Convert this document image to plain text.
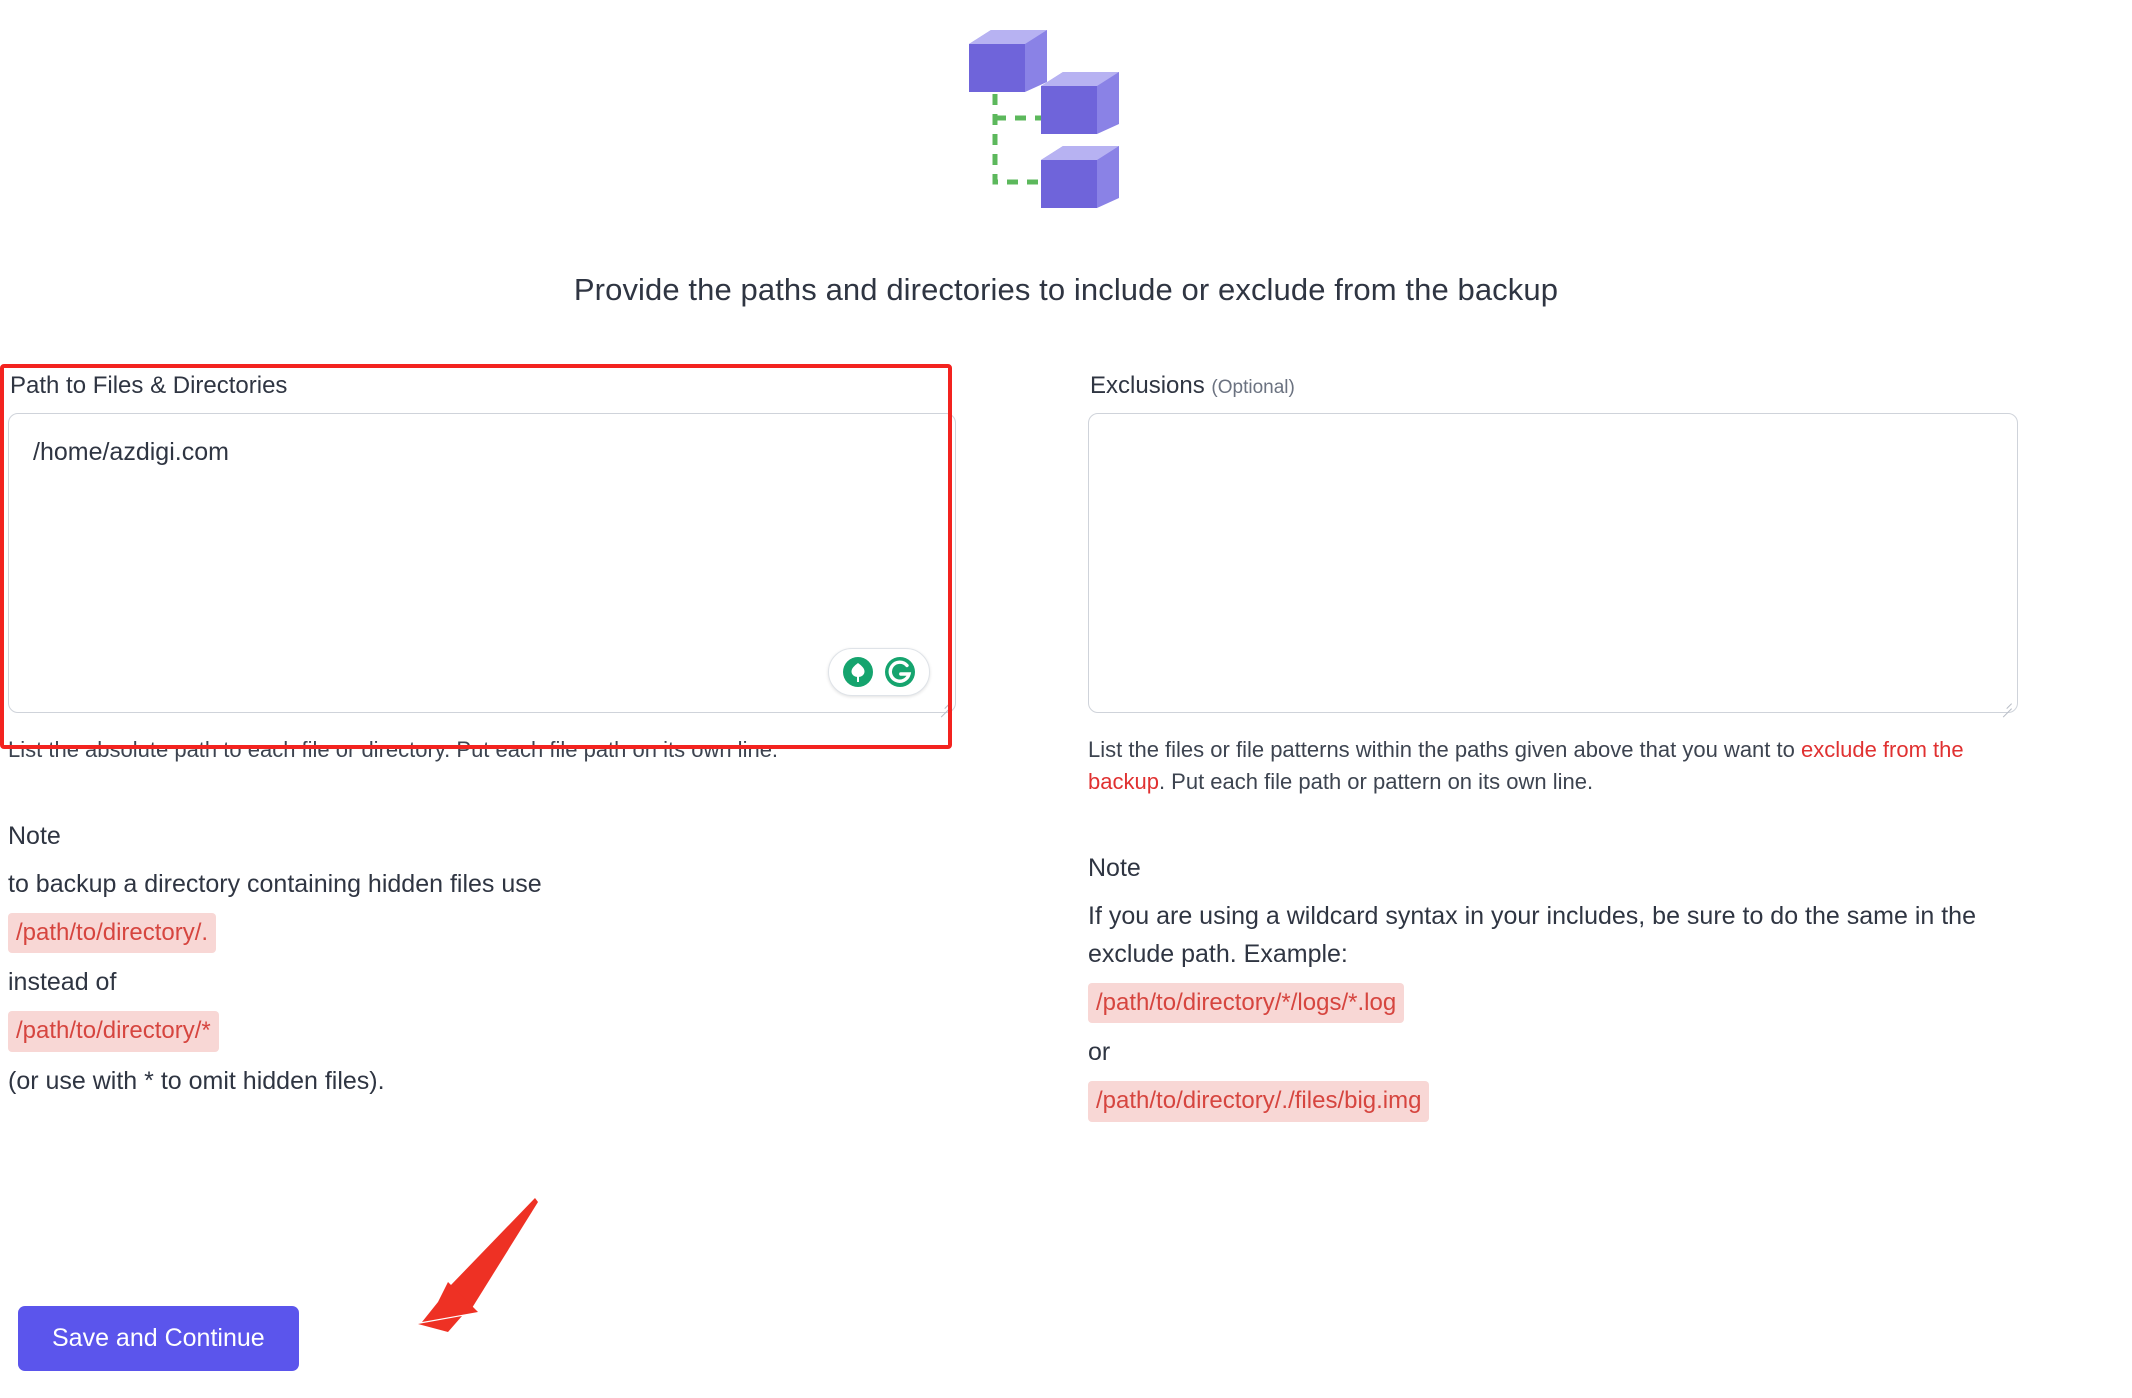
Provide the paths and directories to include or exclude from the backup
Path to Files & Directories
/home/azdigi.com
List the absolute path to each file or directory. Put each file path on its own line.
Note

to backup a directory containing hidden files use

/path/to/directory/.

instead of

/path/to/directory/*

(or use with * to omit hidden files).

Exclusions (Optional)
List the files or file patterns within the paths given above that you want to exclude from the backup. Put each file path or pattern on its own line.
Note

If you are using a wildcard syntax in your includes, be sure to do the same in the exclude path. Example:

/path/to/directory/*/logs/*.log

or

/path/to/directory/./files/big.img

Save and Continue
